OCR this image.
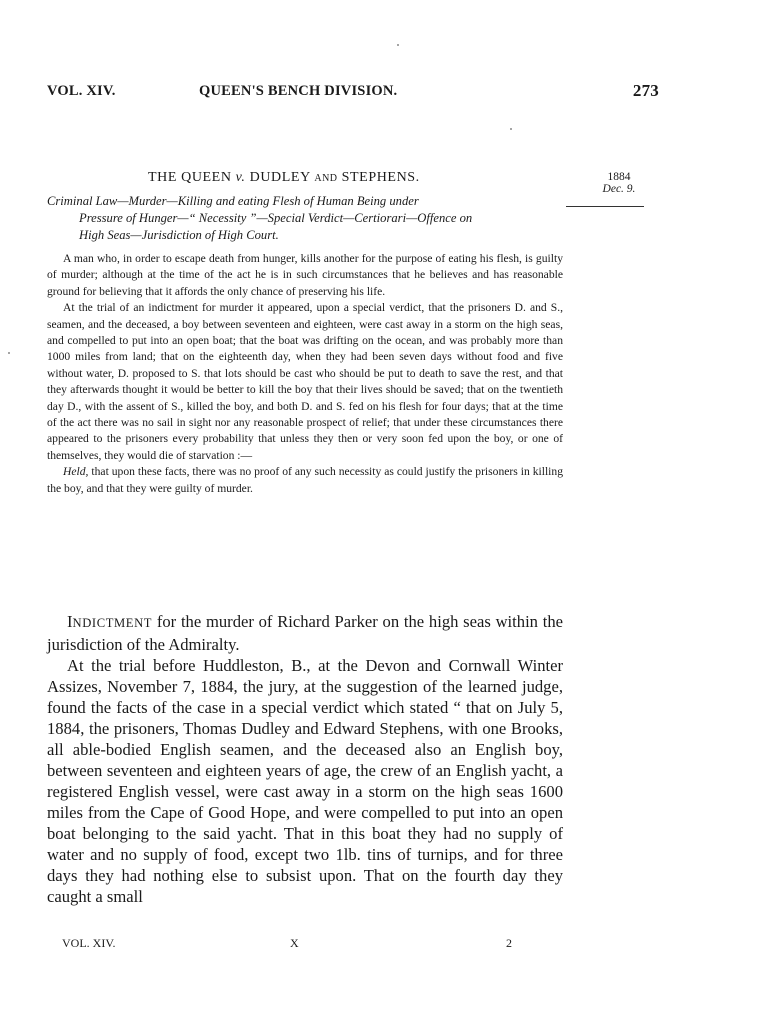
VOL. XIV.	QUEEN'S BENCH DIVISION.	273
THE QUEEN v. DUDLEY AND STEPHENS.	1884
Dec. 9.
Criminal Law—Murder—Killing and eating Flesh of Human Being under
Pressure of Hunger—“ Necessity ”—Special Verdict—Certiorari—Offence on
High Seas—Jurisdiction of High Court.

A man who, in order to escape death from hunger, kills another for the purpose of eating his flesh, is guilty of murder; although at the time of the act he is in such circumstances that he believes and has reasonable ground for believing that it affords the only chance of preserving his life.

At the trial of an indictment for murder it appeared, upon a special verdict, that the prisoners D. and S., seamen, and the deceased, a boy between seventeen and eighteen, were cast away in a storm on the high seas, and compelled to put into an open boat; that the boat was drifting on the ocean, and was probably more than 1000 miles from land; that on the eighteenth day, when they had been seven days without food and five without water, D. proposed to S. that lots should be cast who should be put to death to save the rest, and that they afterwards thought it would be better to kill the boy that their lives should be saved; that on the twentieth day D., with the assent of S., killed the boy, and both D. and S. fed on his flesh for four days; that at the time of the act there was no sail in sight nor any reasonable prospect of relief; that under these circumstances there appeared to the prisoners every probability that unless they then or very soon fed upon the boy, or one of themselves, they would die of starvation :—

Held, that upon these facts, there was no proof of any such necessity as could justify the prisoners in killing the boy, and that they were guilty of murder.

INDICTMENT for the murder of Richard Parker on the high seas within the jurisdiction of the Admiralty.

At the trial before Huddleston, B., at the Devon and Cornwall Winter Assizes, November 7, 1884, the jury, at the suggestion of the learned judge, found the facts of the case in a special verdict which stated “ that on July 5, 1884, the prisoners, Thomas Dudley and Edward Stephens, with one Brooks, all able-bodied English seamen, and the deceased also an English boy, between seventeen and eighteen years of age, the crew of an English yacht, a registered English vessel, were cast away in a storm on the high seas 1600 miles from the Cape of Good Hope, and were compelled to put into an open boat belonging to the said yacht. That in this boat they had no supply of water and no supply of food, except two 1lb. tins of turnips, and for three days they had nothing else to subsist upon. That on the fourth day they caught a small

VOL. XIV.	X	2
